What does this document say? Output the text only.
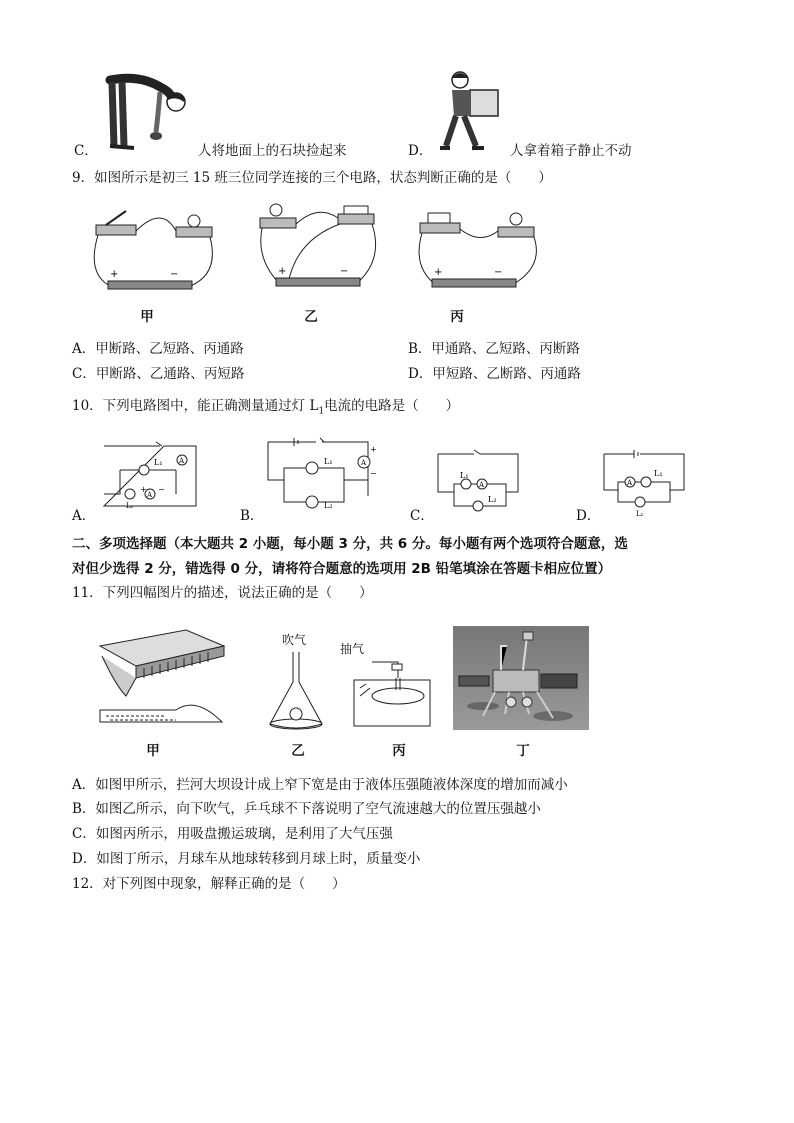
C．	人将地面上的石块捡起来	D．	人拿着箱子静止不动
9．如图所示是初三 15 班三位同学连接的三个电路，状态判断正确的是（　　）
+	−
甲
+	−
乙
+	−
丙
A．甲断路、乙短路、丙通路	B．甲通路、乙短路、丙断路
C．甲断路、乙通路、丙短路	D．甲短路、乙断路、丙通路
10．下列电路图中，能正确测量通过灯 $L_1$电流的电路是（　　）
A．
A
L₁
A
L₂
+ −
B．
L₁
L₂
A
+
−
C．
A
L₁
L₂
D．
A
L₁
L₂
二、多项选择题（本大题共 2 小题，每小题 3 分，共 6 分。每小题有两个选项符合题意，选
对但少选得 2 分，错选得 0 分，请将符合题意的选项用 2B 铅笔填涂在答题卡相应位置）
11．下列四幅图片的描述，说法正确的是（　　）
甲
吹气
乙
抽气
丙	丁
A．如图甲所示，拦河大坝设计成上窄下宽是由于液体压强随液体深度的增加而减小
B．如图乙所示，向下吹气，乒乓球不下落说明了空气流速越大的位置压强越小
C．如图丙所示，用吸盘搬运玻璃，是利用了大气压强
D．如图丁所示，月球车从地球转移到月球上时，质量变小
12．对下列图中现象，解释正确的是（　　）
